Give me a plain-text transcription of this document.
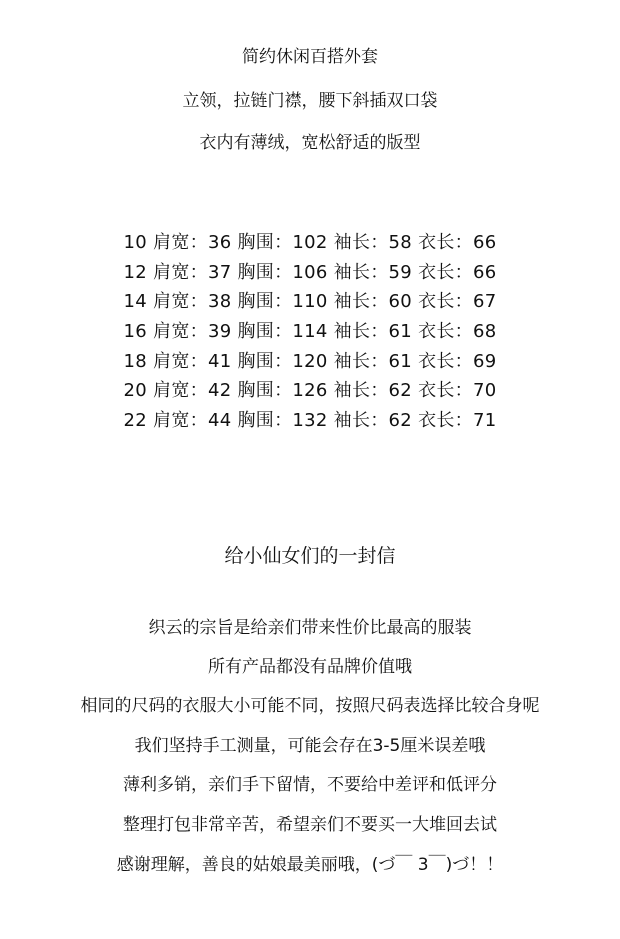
简约休闲百搭外套
立领，拉链门襟，腰下斜插双口袋
衣内有薄绒，宽松舒适的版型
10 肩宽：36 胸围：102 袖长：58 衣长：66
12 肩宽：37 胸围：106 袖长：59 衣长：66
14 肩宽：38 胸围：110 袖长：60 衣长：67
16 肩宽：39 胸围：114 袖长：61 衣长：68
18 肩宽：41 胸围：120 袖长：61 衣长：69
20 肩宽：42 胸围：126 袖长：62 衣长：70
22 肩宽：44 胸围：132 袖长：62 衣长：71
给小仙女们的一封信
织云的宗旨是给亲们带来性价比最高的服装
所有产品都没有品牌价值哦
相同的尺码的衣服大小可能不同，按照尺码表选择比较合身呢
我们坚持手工测量，可能会存在3-5厘米误差哦
薄利多销，亲们手下留情，不要给中差评和低评分
整理打包非常辛苦，希望亲们不要买一大堆回去试
感谢理解，善良的姑娘最美丽哦，(づ￣ 3￣)づ！！
